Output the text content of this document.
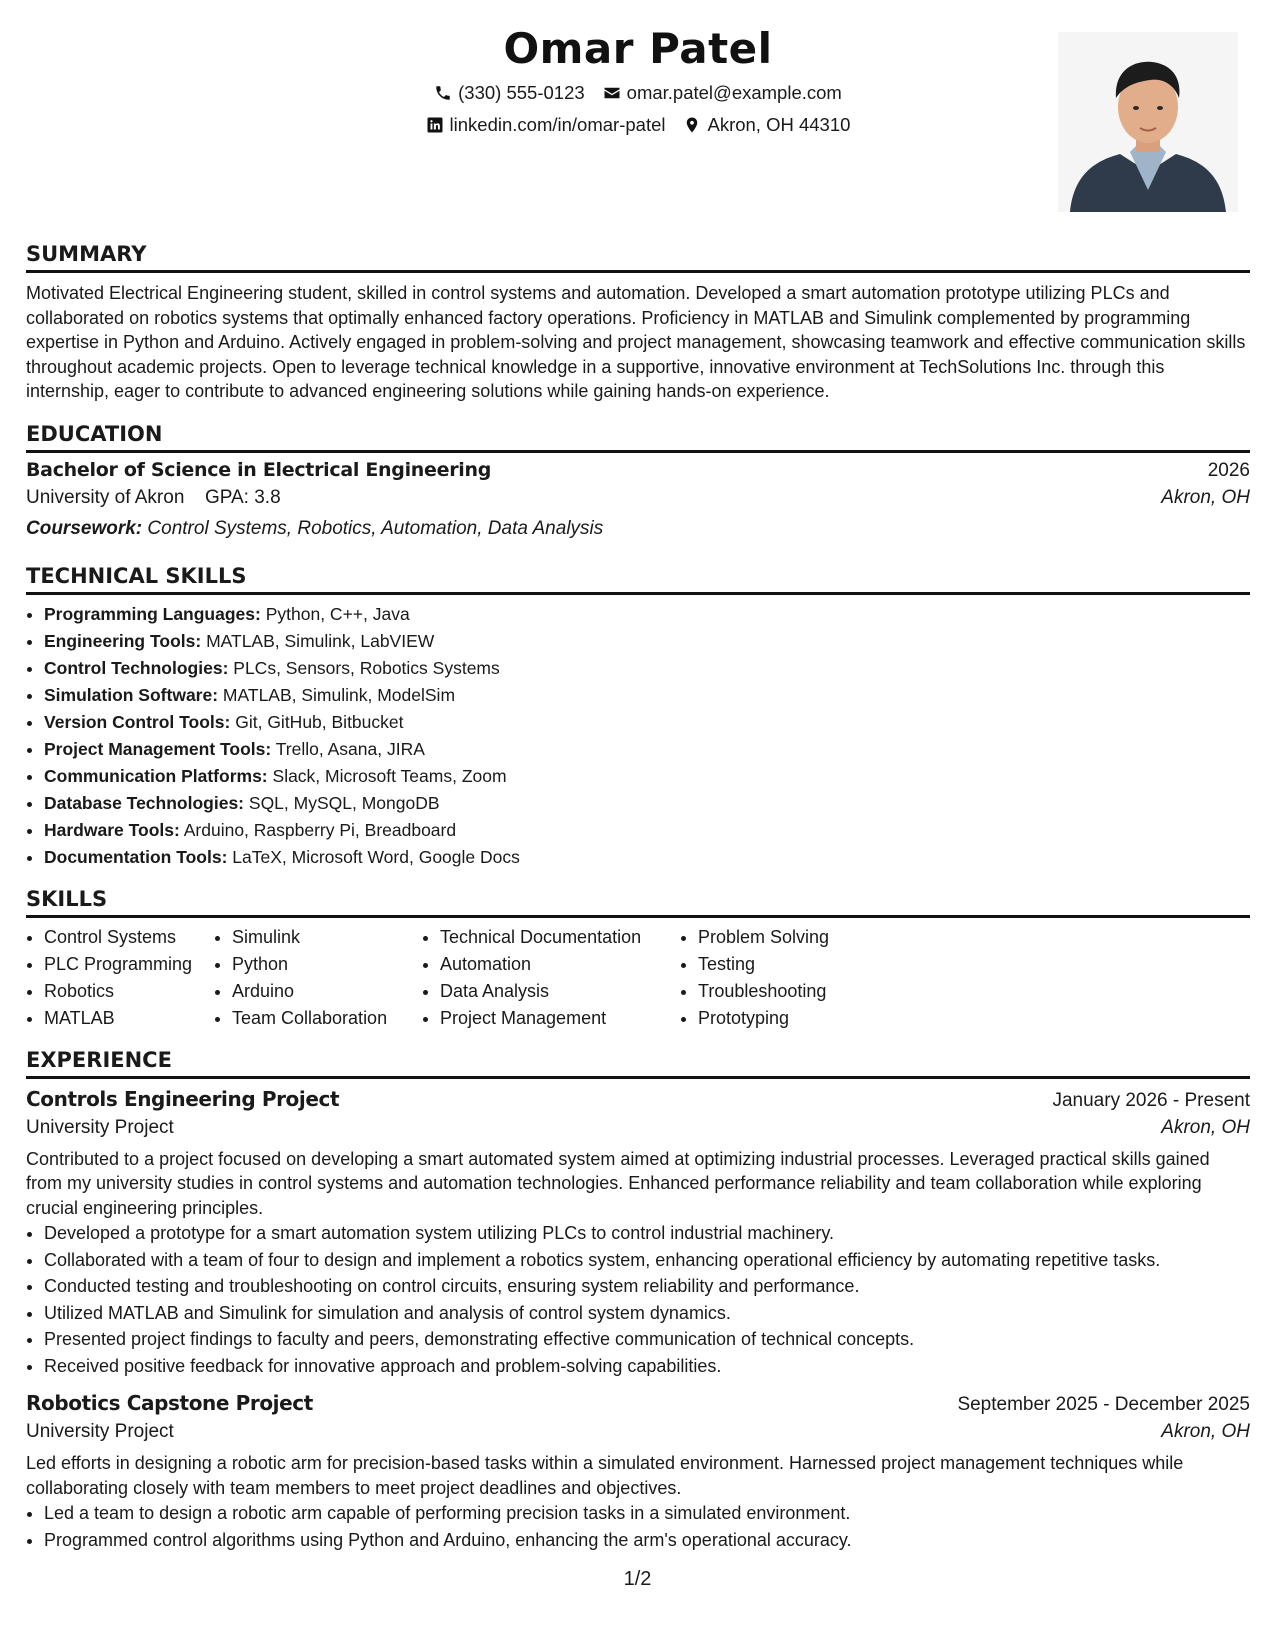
Omar Patel
(330) 555-0123 omar.patel@example.com
linkedin.com/in/omar-patel Akron, OH 44310
SUMMARY

Motivated Electrical Engineering student, skilled in control systems and automation. Developed a smart automation prototype utilizing PLCs and collaborated on robotics systems that optimally enhanced factory operations. Proficiency in MATLAB and Simulink complemented by programming expertise in Python and Arduino. Actively engaged in problem-solving and project management, showcasing teamwork and effective communication skills throughout academic projects. Open to leverage technical knowledge in a supportive, innovative environment at TechSolutions Inc. through this internship, eager to contribute to advanced engineering solutions while gaining hands-on experience.

EDUCATION
Bachelor of Science in Electrical Engineering	2026
University of Akron GPA: 3.8	Akron, OH
Coursework: Control Systems, Robotics, Automation, Data Analysis
TECHNICAL SKILLS
• Programming Languages: Python, C++, Java
• Engineering Tools: MATLAB, Simulink, LabVIEW
• Control Technologies: PLCs, Sensors, Robotics Systems
• Simulation Software: MATLAB, Simulink, ModelSim
• Version Control Tools: Git, GitHub, Bitbucket
• Project Management Tools: Trello, Asana, JIRA
• Communication Platforms: Slack, Microsoft Teams, Zoom
• Database Technologies: SQL, MySQL, MongoDB
• Hardware Tools: Arduino, Raspberry Pi, Breadboard
• Documentation Tools: LaTeX, Microsoft Word, Google Docs
SKILLS
• Control Systems
• PLC Programming
• Robotics
• MATLAB
• Simulink
• Python
• Arduino
• Team Collaboration
• Technical Documentation
• Automation
• Data Analysis
• Project Management
• Problem Solving
• Testing
• Troubleshooting
• Prototyping
EXPERIENCE
Controls Engineering Project	January 2026 - Present
University Project	Akron, OH
Contributed to a project focused on developing a smart automated system aimed at optimizing industrial processes. Leveraged practical skills gained from my university studies in control systems and automation technologies. Enhanced performance reliability and team collaboration while exploring crucial engineering principles.
• Developed a prototype for a smart automation system utilizing PLCs to control industrial machinery.
• Collaborated with a team of four to design and implement a robotics system, enhancing operational efficiency by automating repetitive tasks.
• Conducted testing and troubleshooting on control circuits, ensuring system reliability and performance.
• Utilized MATLAB and Simulink for simulation and analysis of control system dynamics.
• Presented project findings to faculty and peers, demonstrating effective communication of technical concepts.
• Received positive feedback for innovative approach and problem-solving capabilities.
Robotics Capstone Project	September 2025 - December 2025
University Project	Akron, OH
Led efforts in designing a robotic arm for precision-based tasks within a simulated environment. Harnessed project management techniques while collaborating closely with team members to meet project deadlines and objectives.
• Led a team to design a robotic arm capable of performing precision tasks in a simulated environment.
• Programmed control algorithms using Python and Arduino, enhancing the arm's operational accuracy.
1/2
